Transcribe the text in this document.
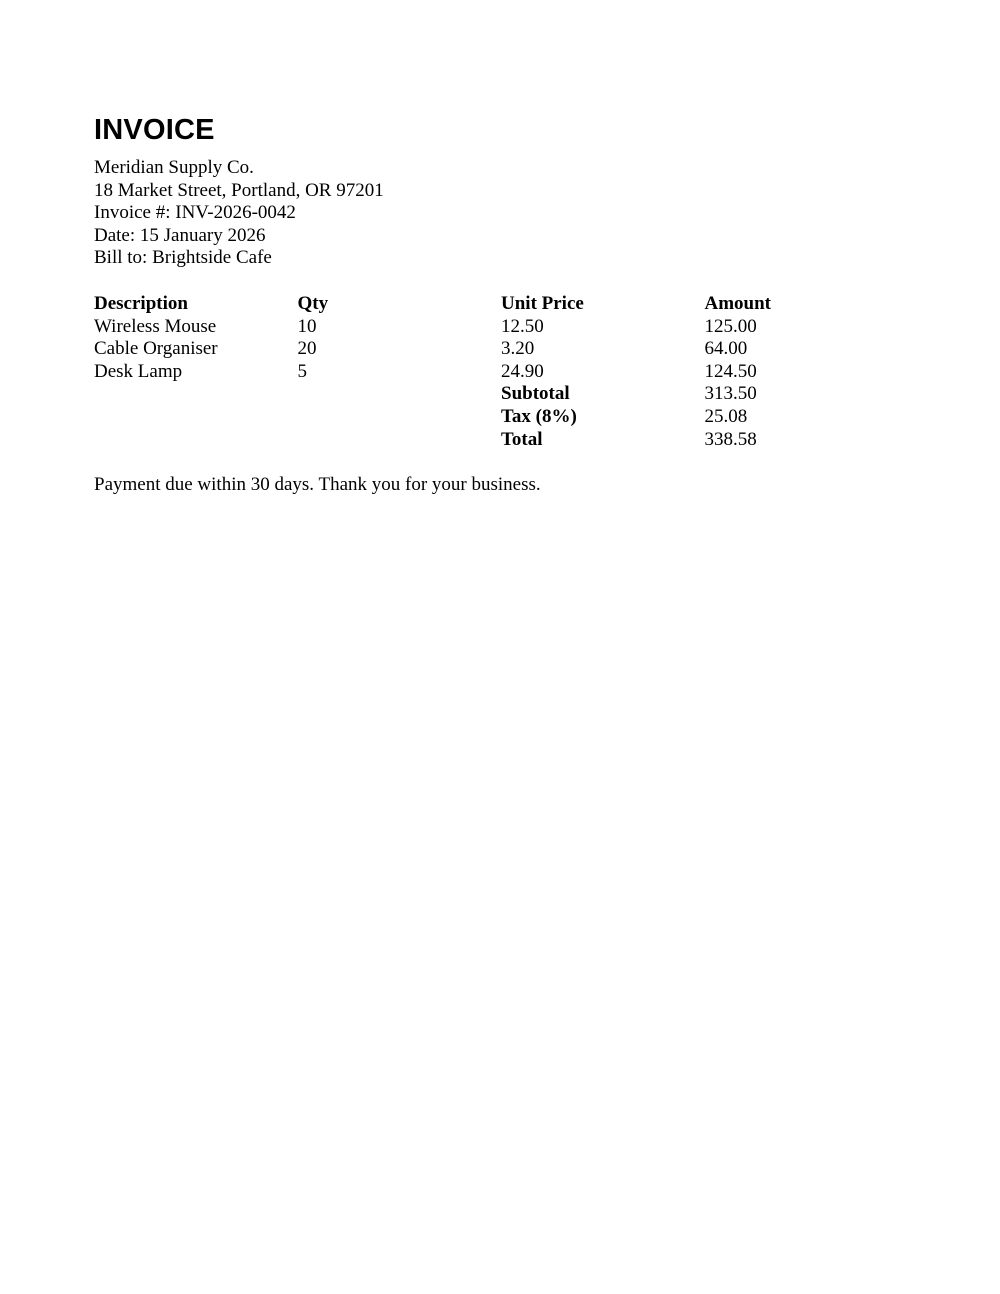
INVOICE
Meridian Supply Co.
18 Market Street, Portland, OR 97201
Invoice #: INV-2026-0042
Date: 15 January 2026
Bill to: Brightside Cafe
Description	Qty	Unit Price	Amount
Wireless Mouse	10	12.50	125.00
Cable Organiser	20	3.20	64.00
Desk Lamp	5	24.90	124.50
		Subtotal	313.50
		Tax (8%)	25.08
		Total	338.58
Payment due within 30 days. Thank you for your business.
